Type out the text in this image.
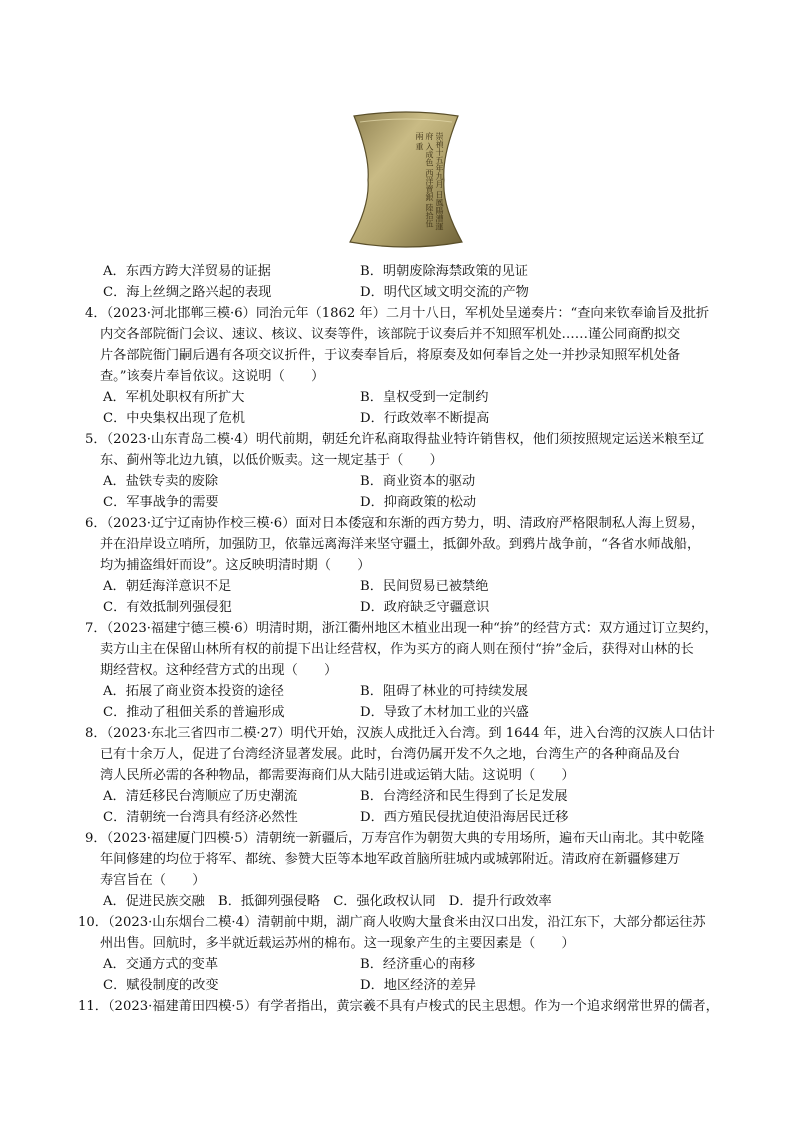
崇禎十五年九月 日鳳陽漕運府 入成色 西洋賣銀 陸拾伍兩 重
A．东西方跨大洋贸易的证据	B．明朝废除海禁政策的见证
C．海上丝绸之路兴起的表现	D．明代区域文明交流的产物
4．（2023·河北邯郸三模·6）同治元年（1862 年）二月十八日，军机处呈递奏片：“查向来钦奉谕旨及批折
内交各部院衙门会议、速议、核议、议奏等件，该部院于议奏后并不知照军机处……谨公同商酌拟交
片各部院衙门嗣后遇有各项交议折件，于议奏奉旨后，将原奏及如何奉旨之处一并抄录知照军机处备
查。”该奏片奉旨依议。这说明（　　）
A．军机处职权有所扩大	B．皇权受到一定制约
C．中央集权出现了危机	D．行政效率不断提高
5．（2023·山东青岛二模·4）明代前期，朝廷允许私商取得盐业特许销售权，他们须按照规定运送米粮至辽
东、蓟州等北边九镇，以低价贩卖。这一规定基于（　　）
A．盐铁专卖的废除	B．商业资本的驱动
C．军事战争的需要	D．抑商政策的松动
6．（2023·辽宁辽南协作校三模·6）面对日本倭寇和东渐的西方势力，明、清政府严格限制私人海上贸易，
并在沿岸设立哨所，加强防卫，依靠远离海洋来坚守疆土，抵御外敌。到鸦片战争前，“各省水师战船，
均为捕盗缉奸而设”。这反映明清时期（　　）
A．朝廷海洋意识不足	B．民间贸易已被禁绝
C．有效抵制列强侵犯	D．政府缺乏守疆意识
7．（2023·福建宁德三模·6）明清时期，浙江衢州地区木植业出现一种“拚”的经营方式：双方通过订立契约，
卖方山主在保留山林所有权的前提下出让经营权，作为买方的商人则在预付“拚”金后，获得对山林的长
期经营权。这种经营方式的出现（　　）
A．拓展了商业资本投资的途径	B．阻碍了林业的可持续发展
C．推动了租佃关系的普遍形成	D．导致了木材加工业的兴盛
8．（2023·东北三省四市二模·27）明代开始，汉族人成批迁入台湾。到 1644 年，进入台湾的汉族人口估计
已有十余万人，促进了台湾经济显著发展。此时，台湾仍属开发不久之地，台湾生产的各种商品及台
湾人民所必需的各种物品，都需要海商们从大陆引进或运销大陆。这说明（　　）
A．清廷移民台湾顺应了历史潮流	B．台湾经济和民生得到了长足发展
C．清朝统一台湾具有经济必然性	D．西方殖民侵扰迫使沿海居民迁移
9．（2023·福建厦门四模·5）清朝统一新疆后，万寿宫作为朝贺大典的专用场所，遍布天山南北。其中乾隆
年间修建的均位于将军、都统、参赞大臣等本地军政首脑所驻城内或城郭附近。清政府在新疆修建万
寿宫旨在（　　）
A．促进民族交融　B．抵御列强侵略　C．强化政权认同　D．提升行政效率
10．（2023·山东烟台二模·4）清朝前中期，湖广商人收购大量食米由汉口出发，沿江东下，大部分都运往苏
州出售。回航时，多半就近载运苏州的棉布。这一现象产生的主要因素是（　　）
A．交通方式的变革	B．经济重心的南移
C．赋役制度的改变	D．地区经济的差异
11．（2023·福建莆田四模·5）有学者指出，黄宗羲不具有卢梭式的民主思想。作为一个追求纲常世界的儒者，
